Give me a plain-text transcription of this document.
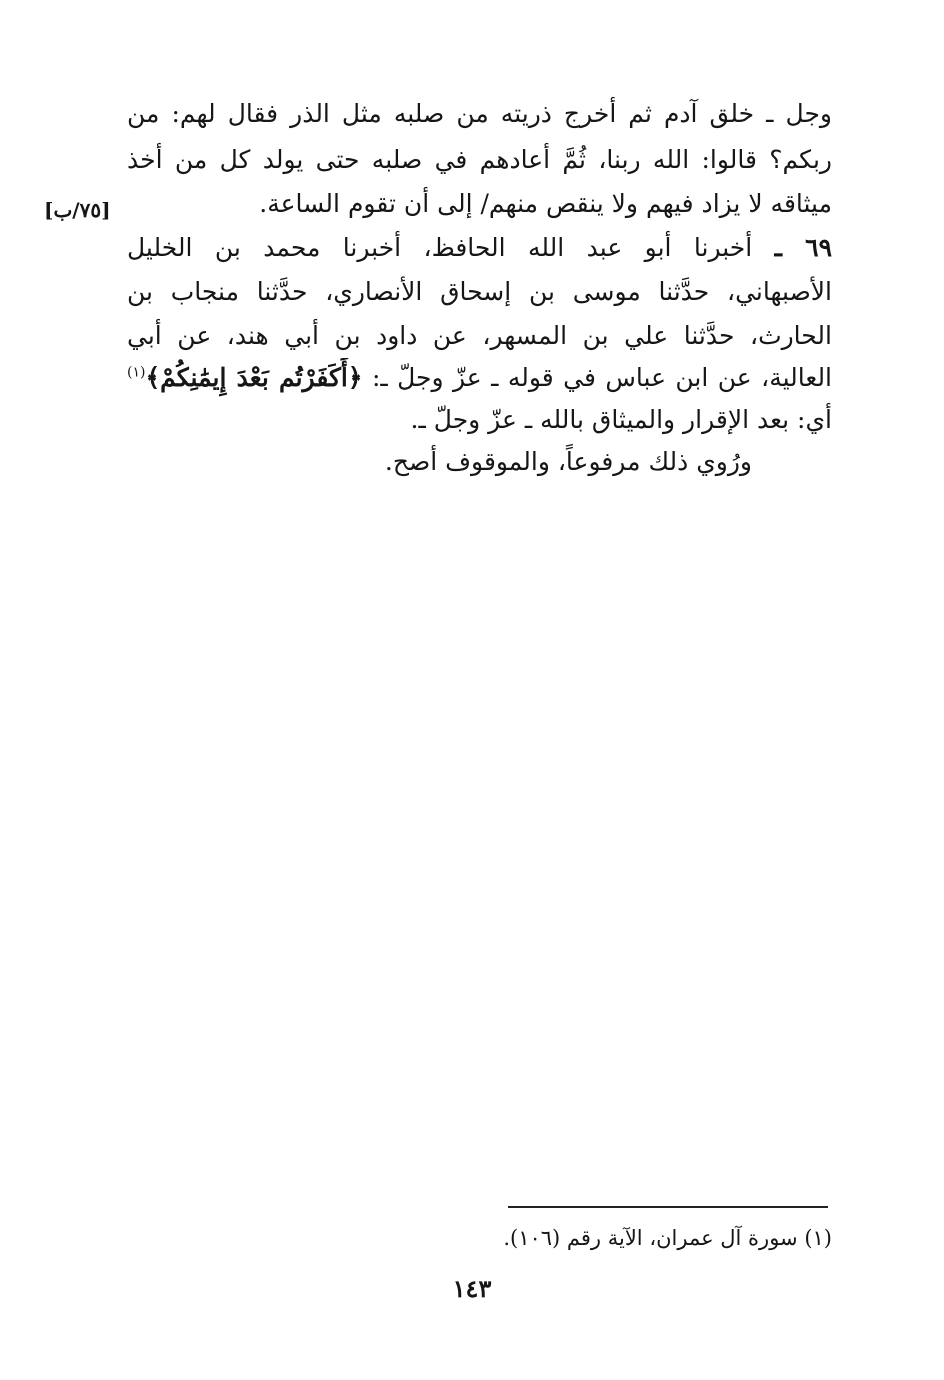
وجل ـ خلق آدم ثم أخرج ذريته من صلبه مثل الذر فقال لهم: من
ربكم؟ قالوا: الله ربنا، ثُمَّ أعادهم في صلبه حتى يولد كل من أخذ
ميثاقه لا يزاد فيهم ولا ينقص منهم/ إلى أن تقوم الساعة.
[٧٥/ب]
٦٩ ـ أخبرنا أبو عبد الله الحافظ، أخبرنا محمد بن الخليل
الأصبهاني، حدَّثنا موسى بن إسحاق الأنصاري، حدَّثنا منجاب بن
الحارث، حدَّثنا علي بن المسهر، عن داود بن أبي هند، عن أبي
العالية، عن ابن عباس في قوله ـ عزّ وجلّ ـ: ﴿أَكَفَرْتُم بَعْدَ إِيمَٰنِكُمْ﴾$^{(١)}$
أي: بعد الإقرار والميثاق بالله ـ عزّ وجلّ ـ.
ورُوي ذلك مرفوعاً، والموقوف أصح.
(١) سورة آل عمران، الآية رقم (١٠٦).
١٤٣
